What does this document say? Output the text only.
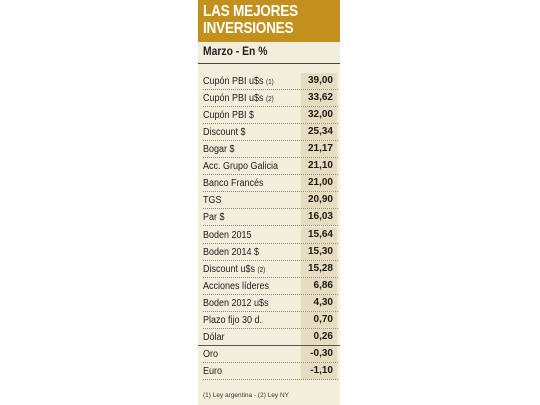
LAS MEJORES
INVERSIONES
Marzo - En %
Cupón PBI u$s (1)	39,00
Cupón PBI u$s (2)	33,62
Cupón PBI $	32,00
Discount $	25,34
Bogar $	21,17
Acc. Grupo Galicia	21,10
Banco Francés	21,00
TGS	20,90
Par $	16,03
Boden 2015	15,64
Boden 2014 $	15,30
Discount u$s (2)	15,28
Acciones líderes	6,86
Boden 2012 u$s	4,30
Plazo fijo 30 d.	0,70
Dólar	0,26
Oro	-0,30
Euro	-1,10
(1) Ley argentina - (2) Ley NY
